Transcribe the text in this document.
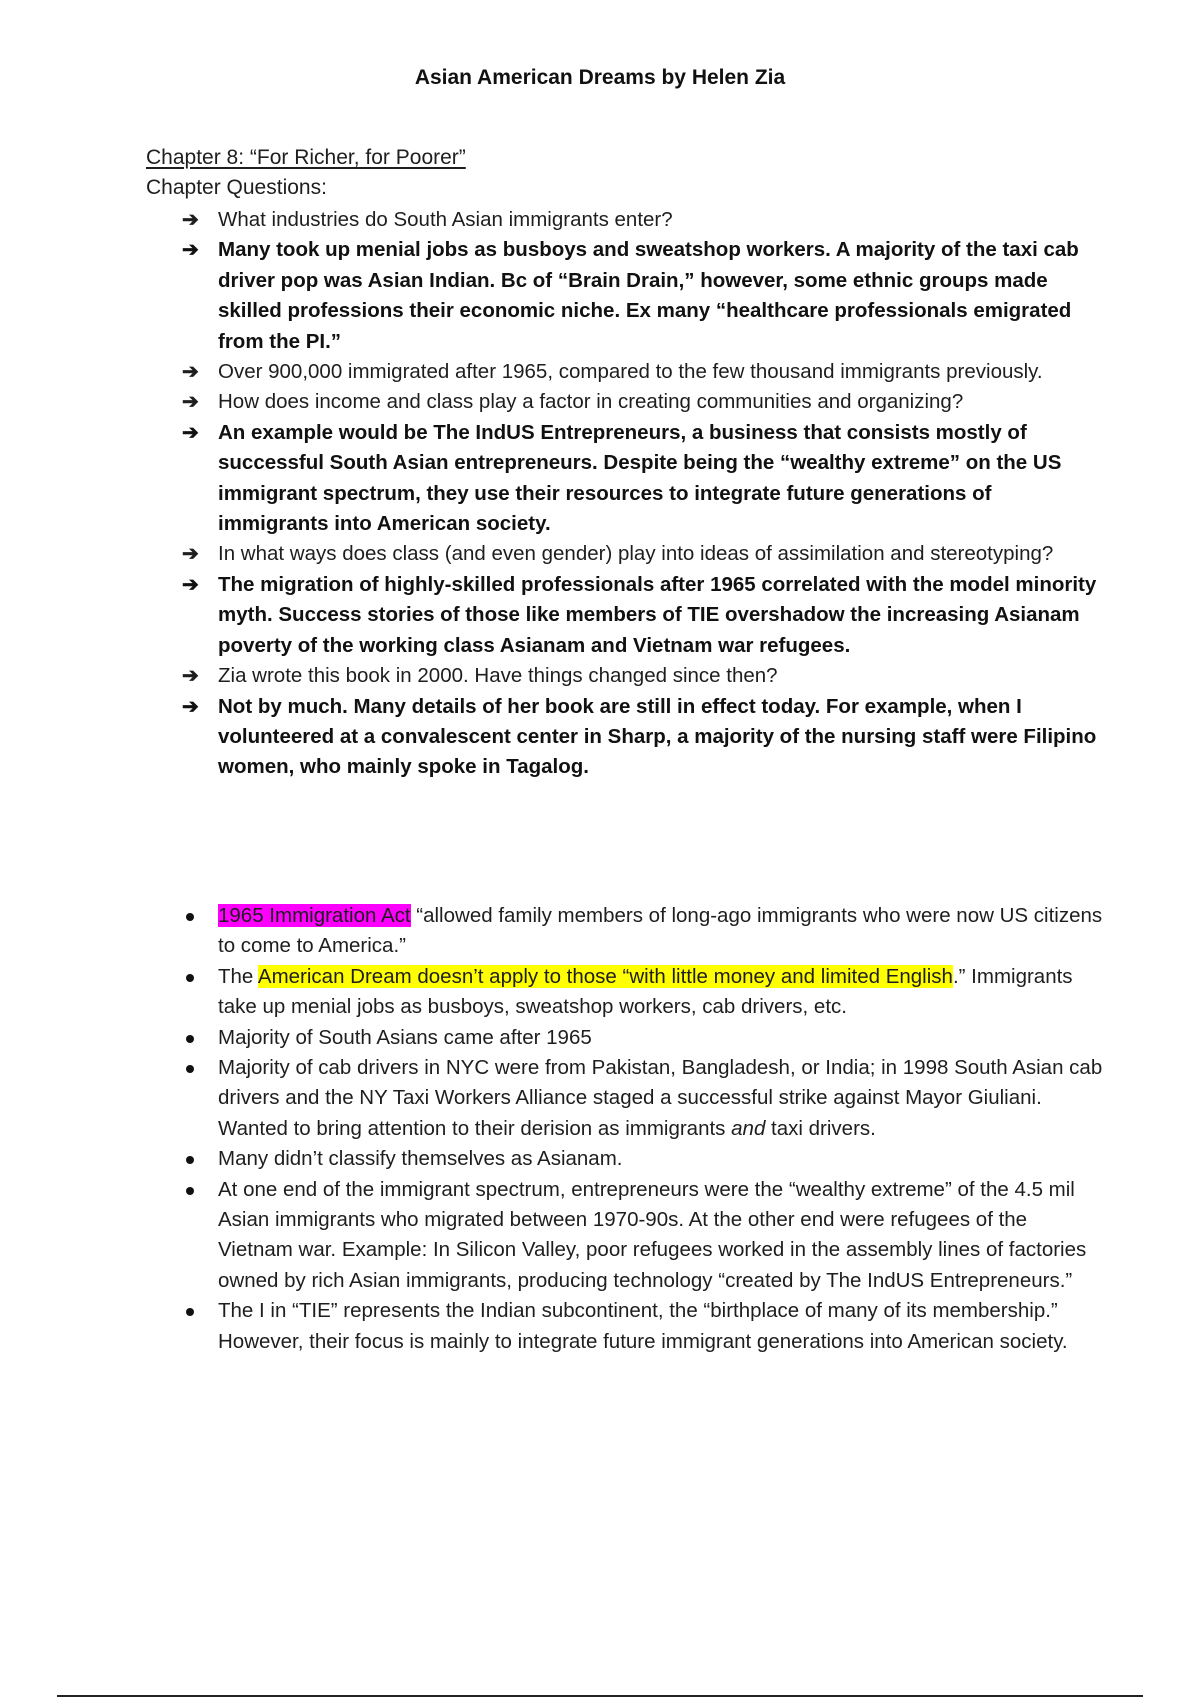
Asian American Dreams by Helen Zia
Chapter 8: “For Richer, for Poorer”
Chapter Questions:
➔ What industries do South Asian immigrants enter?
➔ Many took up menial jobs as busboys and sweatshop workers. A majority of the taxi cab driver pop was Asian Indian. Bc of “Brain Drain,” however, some ethnic groups made skilled professions their economic niche. Ex many “healthcare professionals emigrated from the PI.”
➔ Over 900,000 immigrated after 1965, compared to the few thousand immigrants previously.
➔ How does income and class play a factor in creating communities and organizing?
➔ An example would be The IndUS Entrepreneurs, a business that consists mostly of successful South Asian entrepreneurs. Despite being the “wealthy extreme” on the US immigrant spectrum, they use their resources to integrate future generations of immigrants into American society.
➔ In what ways does class (and even gender) play into ideas of assimilation and stereotyping?
➔ The migration of highly-skilled professionals after 1965 correlated with the model minority myth. Success stories of those like members of TIE overshadow the increasing Asianam poverty of the working class Asianam and Vietnam war refugees.
➔ Zia wrote this book in 2000. Have things changed since then?
➔ Not by much. Many details of her book are still in effect today. For example, when I volunteered at a convalescent center in Sharp, a majority of the nursing staff were Filipino women, who mainly spoke in Tagalog.
1965 Immigration Act “allowed family members of long-ago immigrants who were now US citizens to come to America.”
The American Dream doesn’t apply to those “with little money and limited English.” Immigrants take up menial jobs as busboys, sweatshop workers, cab drivers, etc.
Majority of South Asians came after 1965
Majority of cab drivers in NYC were from Pakistan, Bangladesh, or India; in 1998 South Asian cab drivers and the NY Taxi Workers Alliance staged a successful strike against Mayor Giuliani. Wanted to bring attention to their derision as immigrants and taxi drivers.
Many didn’t classify themselves as Asianam.
At one end of the immigrant spectrum, entrepreneurs were the “wealthy extreme” of the 4.5 mil Asian immigrants who migrated between 1970-90s. At the other end were refugees of the Vietnam war. Example: In Silicon Valley, poor refugees worked in the assembly lines of factories owned by rich Asian immigrants, producing technology “created by The IndUS Entrepreneurs.”
The I in “TIE” represents the Indian subcontinent, the “birthplace of many of its membership.” However, their focus is mainly to integrate future immigrant generations into American society.
